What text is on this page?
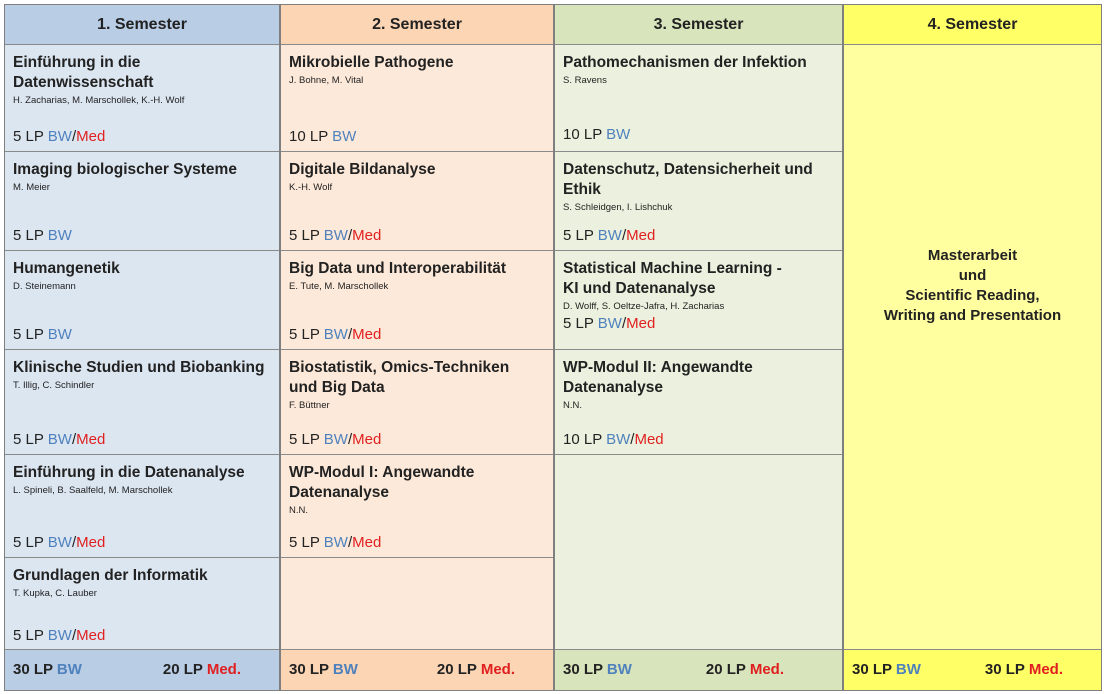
1. Semester
Einführung in die Datenwissenschaft
H. Zacharias, M. Marschollek, K.-H. Wolf
5 LP BW/Med
Imaging biologischer Systeme
M. Meier
5 LP BW
Humangenetik
D. Steinemann
5 LP BW
Klinische Studien und Biobanking
T. Illig, C. Schindler
5 LP BW/Med
Einführung in die Datenanalyse
L. Spineli, B. Saalfeld, M. Marschollek
5 LP BW/Med
Grundlagen der Informatik
T. Kupka, C. Lauber
5 LP BW/Med
30 LP BW	20 LP Med.
2. Semester
Mikrobielle Pathogene
J. Bohne, M. Vital
10 LP BW
Digitale Bildanalyse
K.-H. Wolf
5 LP BW/Med
Big Data und Interoperabilität
E. Tute, M. Marschollek
5 LP BW/Med
Biostatistik, Omics-Techniken und Big Data
F. Büttner
5 LP BW/Med
WP-Modul I: Angewandte Datenanalyse
N.N.
5 LP BW/Med
30 LP BW	20 LP Med.
3. Semester
Pathomechanismen der Infektion
S. Ravens
10 LP BW
Datenschutz, Datensicherheit und Ethik
S. Schleidgen, I. Lishchuk
5 LP BW/Med
Statistical Machine Learning - KI und Datenanalyse
D. Wolff, S. Oeltze-Jafra, H. Zacharias
5 LP BW/Med
WP-Modul II: Angewandte Datenanalyse
N.N.
10 LP BW/Med
30 LP BW	20 LP Med.
4. Semester
Masterarbeit
und
Scientific Reading,
Writing and Presentation
30 LP BW	30 LP Med.
